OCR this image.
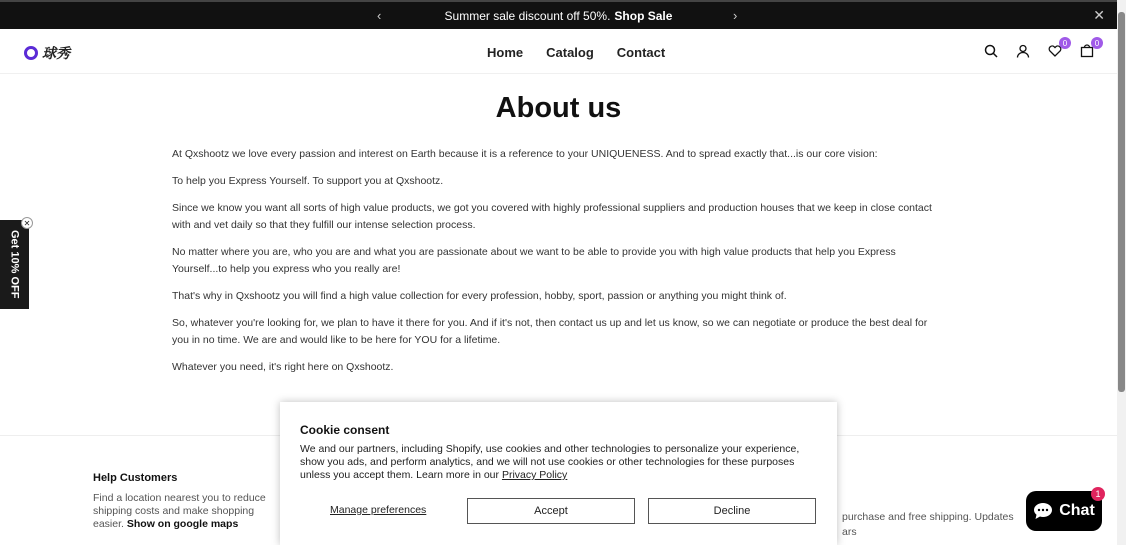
‹	Summer sale discount off 50%. Shop Sale	›	✕
球秀	Home Catalog Contact
0	0
About us

At Qxshootz we love every passion and interest on Earth because it is a reference to your UNIQUENESS. And to spread exactly that...is our core vision:

To help you Express Yourself. To support you at Qxshootz.

Since we know you want all sorts of high value products, we got you covered with highly professional suppliers and production houses that we keep in close contact with and vet daily so that they fulfill our intense selection process.

No matter where you are, who you are and what you are passionate about we want to be able to provide you with high value products that help you Express Yourself...to help you express who you really are!

That's why in Qxshootz you will find a high value collection for every profession, hobby, sport, passion or anything you might think of.

So, whatever you're looking for, we plan to have it there for you. And if it's not, then contact us up and let us know, so we can negotiate or produce the best deal for you in no time. We are and would like to be here for YOU for a lifetime.

Whatever you need, it's right here on Qxshootz.

Get 10% OFF
✕
Help Customers
Find a location nearest you to reduce shipping costs and make shopping easier. Show on google maps
purchase and free shipping. Updates
ars
Cookie consent
We and our partners, including Shopify, use cookies and other technologies to personalize your experience, show you ads, and perform analytics, and we will not use cookies or other technologies for these purposes unless you accept them. Learn more in our Privacy Policy
Manage preferences	Accept	Decline	Chat
1
